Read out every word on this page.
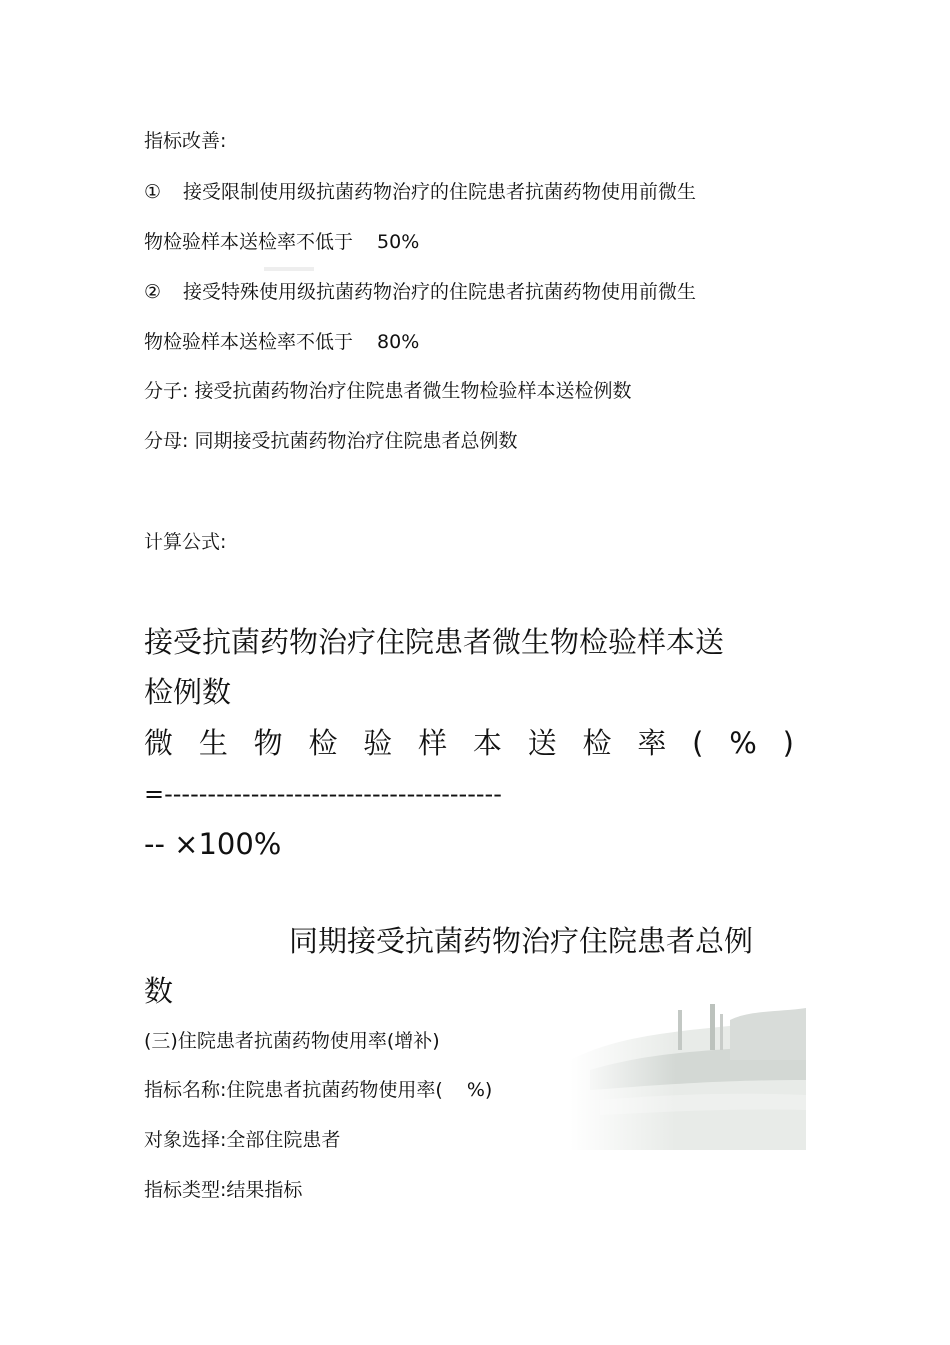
指标改善:
① 接受限制使用级抗菌药物治疗的住院患者抗菌药物使用前微生
物检验样本送检率不低于 50%
② 接受特殊使用级抗菌药物治疗的住院患者抗菌药物使用前微生
物检验样本送检率不低于 80%
分子: 接受抗菌药物治疗住院患者微生物检验样本送检例数
分母: 同期接受抗菌药物治疗住院患者总例数
计算公式:
接受抗菌药物治疗住院患者微生物检验样本送
检例数
微 生 物 检 验 样 本 送 检 率 ( % )
=---------------------------------------
-- ×100%
同期接受抗菌药物治疗住院患者总例
数
(三)住院患者抗菌药物使用率(增补)
指标名称:住院患者抗菌药物使用率( %)
对象选择:全部住院患者
指标类型:结果指标
